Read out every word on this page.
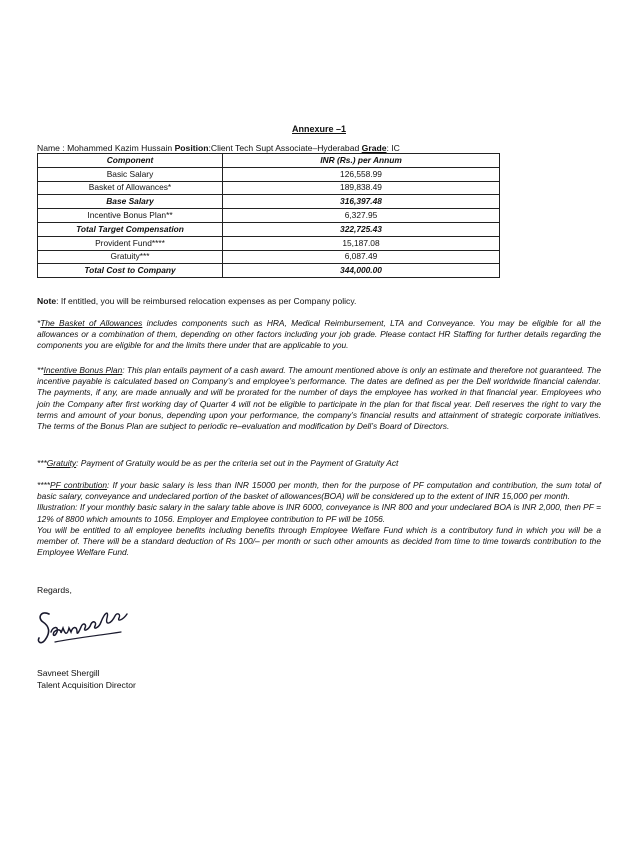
Annexure –1
Name : Mohammed Kazim Hussain Position:Client Tech Supt Associate–Hyderabad Grade: IC
Component	INR (Rs.) per Annum
Basic Salary	126,558.99
Basket of Allowances*	189,838.49
Base Salary	316,397.48
Incentive Bonus Plan**	6,327.95
Total Target Compensation	322,725.43
Provident Fund****	15,187.08
Gratuity***	6,087.49
Total Cost to Company	344,000.00
Note: If entitled, you will be reimbursed relocation expenses as per Company policy.

*The Basket of Allowances includes components such as HRA, Medical Reimbursement, LTA and Conveyance. You may be eligible for all the allowances or a combination of them, depending on other factors including your job grade. Please contact HR Staffing for further details regarding the components you are eligible for and the limits there under that are applicable to you.

**Incentive Bonus Plan: This plan entails payment of a cash award. The amount mentioned above is only an estimate and therefore not guaranteed. The incentive payable is calculated based on Company’s and employee’s performance. The dates are defined as per the Dell worldwide financial calendar. The payments, if any, are made annually and will be prorated for the number of days the employee has worked in that financial year. Employees who join the Company after first working day of Quarter 4 will not be eligible to participate in the plan for that fiscal year. Dell reserves the right to vary the terms and amount of your bonus, depending upon your performance, the company’s financial results and attainment of strategic corporate initiatives. The terms of the Bonus Plan are subject to periodic re–evaluation and modification by Dell’s Board of Directors.

***Gratuity: Payment of Gratuity would be as per the criteria set out in the Payment of Gratuity Act

****PF contribution: If your basic salary is less than INR 15000 per month, then for the purpose of PF computation and contribution, the sum total of basic salary, conveyance and undeclared portion of the basket of allowances(BOA) will be considered up to the extent of INR 15,000 per month.
Illustration: If your monthly basic salary in the salary table above is INR 6000, conveyance is INR 800 and your undeclared BOA is INR 2,000, then PF = 12% of 8800 which amounts to 1056. Employer and Employee contribution to PF will be 1056.
You will be entitled to all employee benefits including benefits through Employee Welfare Fund which is a contributory fund in which you will be a member of. There will be a standard deduction of Rs 100/– per month or such other amounts as decided from time to time towards contribution to the Employee Welfare Fund.

Regards,
Savneet Shergill
Talent Acquisition Director
